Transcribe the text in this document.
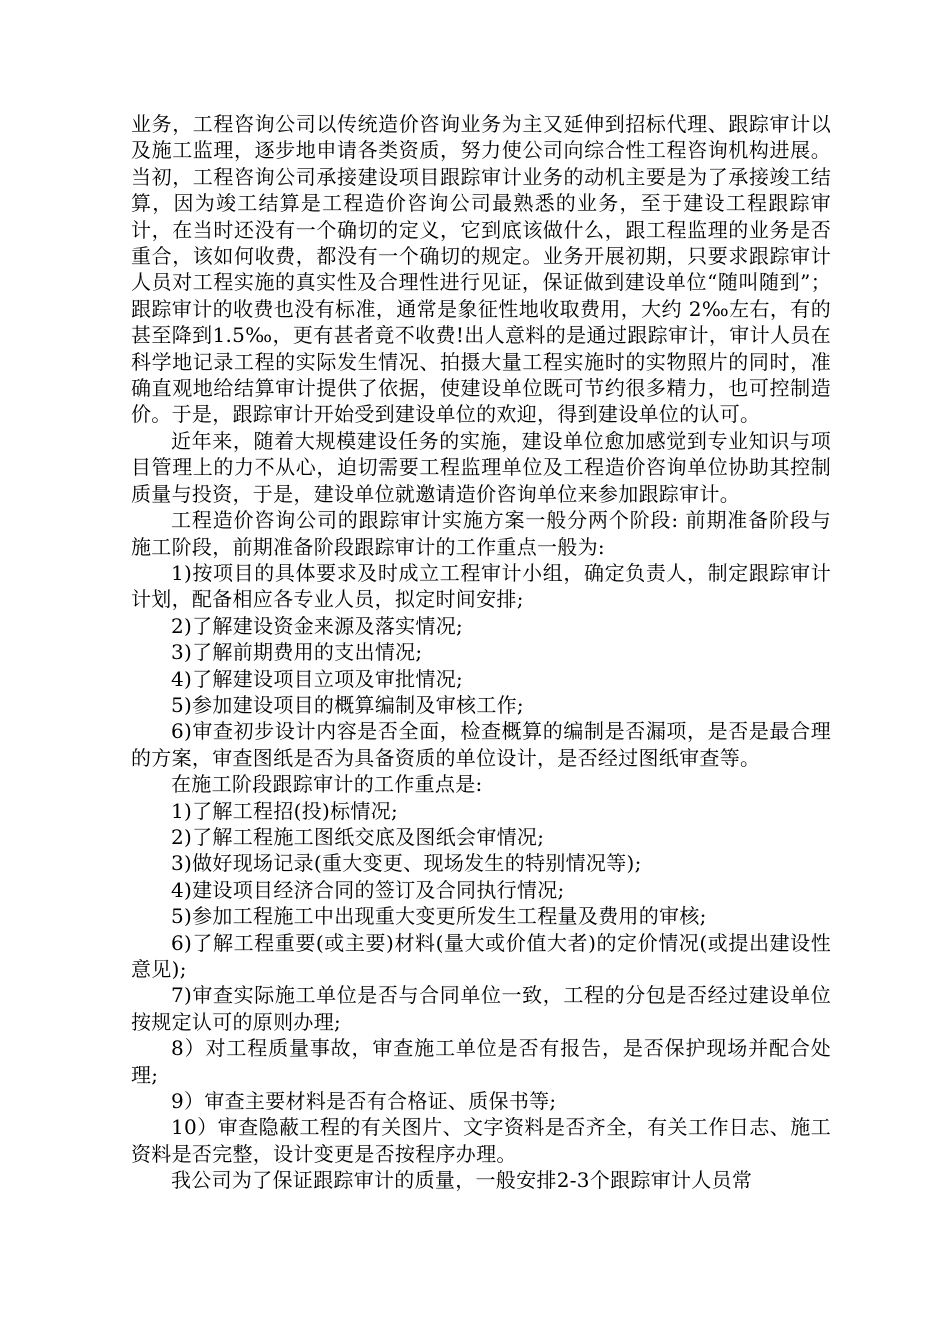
业务，工程咨询公司以传统造价咨询业务为主又延伸到招标代理、跟踪审计以及施工监理，逐步地申请各类资质，努力使公司向综合性工程咨询机构进展。当初，工程咨询公司承接建设项目跟踪审计业务的动机主要是为了承接竣工结算，因为竣工结算是工程造价咨询公司最熟悉的业务，至于建设工程跟踪审计，在当时还没有一个确切的定义，它到底该做什么，跟工程监理的业务是否重合，该如何收费，都没有一个确切的规定。业务开展初期，只要求跟踪审计人员对工程实施的真实性及合理性进行见证，保证做到建设单位“随叫随到”；跟踪审计的收费也没有标准，通常是象征性地收取费用，大约 2‰左右，有的甚至降到1.5‰，更有甚者竟不收费!出人意料的是通过跟踪审计，审计人员在科学地记录工程的实际发生情况、拍摄大量工程实施时的实物照片的同时，准确直观地给结算审计提供了依据，使建设单位既可节约很多精力，也可控制造价。于是，跟踪审计开始受到建设单位的欢迎，得到建设单位的认可。

近年来，随着大规模建设任务的实施，建设单位愈加感觉到专业知识与项目管理上的力不从心，迫切需要工程监理单位及工程造价咨询单位协助其控制质量与投资，于是，建设单位就邀请造价咨询单位来参加跟踪审计。

工程造价咨询公司的跟踪审计实施方案一般分两个阶段: 前期准备阶段与施工阶段，前期准备阶段跟踪审计的工作重点一般为:

1)按项目的具体要求及时成立工程审计小组，确定负责人，制定跟踪审计计划，配备相应各专业人员，拟定时间安排;

2)了解建设资金来源及落实情况;

3)了解前期费用的支出情况;

4)了解建设项目立项及审批情况;

5)参加建设项目的概算编制及审核工作;

6)审查初步设计内容是否全面，检查概算的编制是否漏项，是否是最合理的方案，审查图纸是否为具备资质的单位设计，是否经过图纸审查等。

在施工阶段跟踪审计的工作重点是:

1)了解工程招(投)标情况;

2)了解工程施工图纸交底及图纸会审情况;

3)做好现场记录(重大变更、现场发生的特别情况等);

4)建设项目经济合同的签订及合同执行情况;

5)参加工程施工中出现重大变更所发生工程量及费用的审核;

6)了解工程重要(或主要)材料(量大或价值大者)的定价情况(或提出建设性意见);

7)审查实际施工单位是否与合同单位一致，工程的分包是否经过建设单位按规定认可的原则办理;

8）对工程质量事故，审查施工单位是否有报告，是否保护现场并配合处理;

9）审查主要材料是否有合格证、质保书等;

10）审查隐蔽工程的有关图片、文字资料是否齐全，有关工作日志、施工资料是否完整，设计变更是否按程序办理。

我公司为了保证跟踪审计的质量，一般安排2-3个跟踪审计人员常
